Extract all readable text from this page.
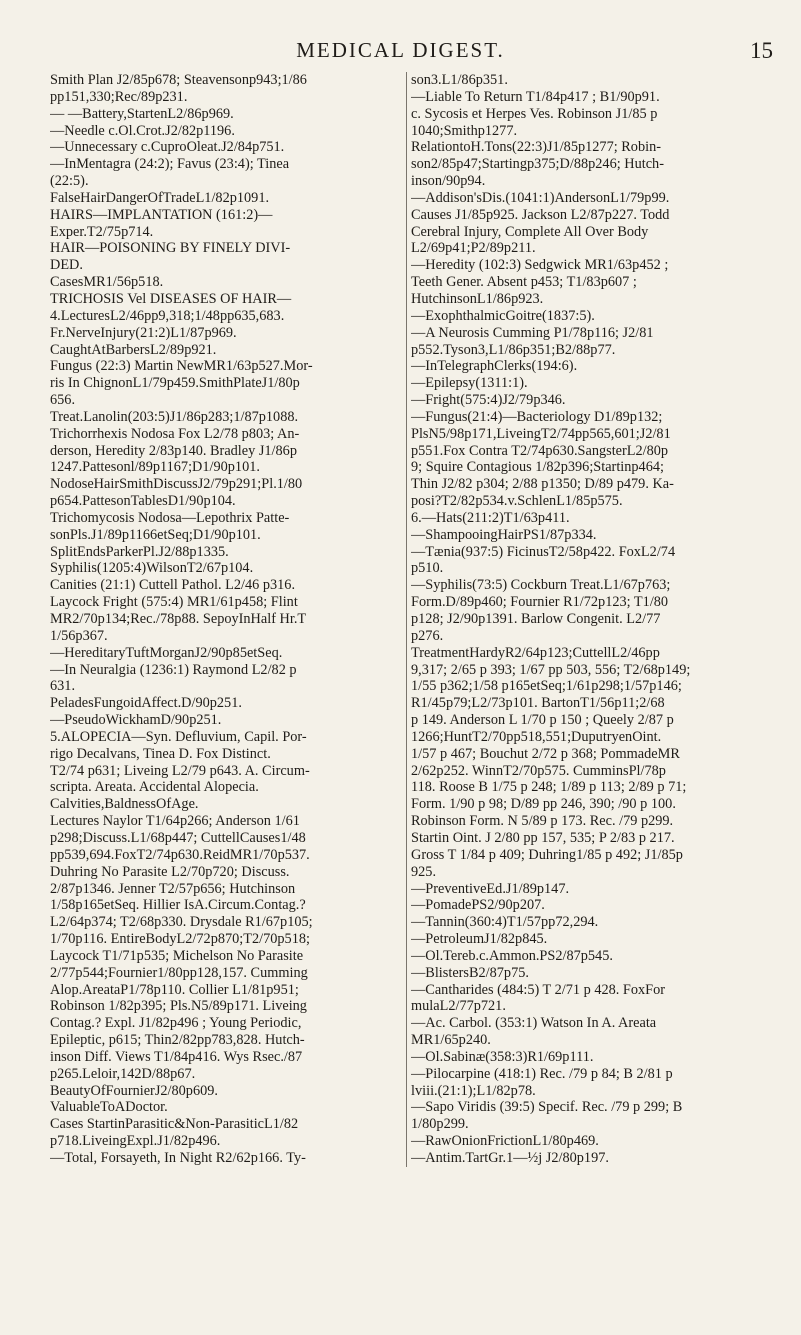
MEDICAL DIGEST.	15
Smith Plan J2/85p678; Steavensonp943;1/86
pp151,330;Rec/89p231.
— —Battery,StartenL2/86p969.
—Needle c.Ol.Crot.J2/82p1196.
—Unnecessary c.CuproOleat.J2/84p751.
—InMentagra (24:2); Favus (23:4); Tinea
(22:5).
FalseHairDangerOfTradeL1/82p1091.
HAIRS—IMPLANTATION (161:2)—
Exper.T2/75p714.
HAIR—POISONING BY FINELY DIVI-
DED.
CasesMR1/56p518.
TRICHOSIS Vel DISEASES OF HAIR—
4.LecturesL2/46pp9,318;1/48pp635,683.
Fr.NerveInjury(21:2)L1/87p969.
CaughtAtBarbersL2/89p921.
Fungus (22:3) Martin NewMR1/63p527.Mor-
ris In ChignonL1/79p459.SmithPlateJ1/80p
656.
Treat.Lanolin(203:5)J1/86p283;1/87p1088.
Trichorrhexis Nodosa Fox L2/78 p803; An-
derson, Heredity 2/83p140. Bradley J1/86p
1247.Pattesonl/89p1167;D1/90p101.
NodoseHairSmithDiscussJ2/79p291;Pl.1/80
p654.PattesonTablesD1/90p104.
Trichomycosis Nodosa—Lepothrix Patte-
sonPls.J1/89p1166etSeq;D1/90p101.
SplitEndsParkerPl.J2/88p1335.
Syphilis(1205:4)WilsonT2/67p104.
Canities (21:1) Cuttell Pathol. L2/46 p316.
Laycock Fright (575:4) MR1/61p458; Flint
MR2/70p134;Rec./78p88. SepoyInHalf Hr.T
1/56p367.
—HereditaryTuftMorganJ2/90p85etSeq.
—In Neuralgia (1236:1) Raymond L2/82 p
631.
PeladesFungoidAffect.D/90p251.
—PseudoWickhamD/90p251.
5.ALOPECIA—Syn. Defluvium, Capil. Por-
rigo Decalvans, Tinea D. Fox Distinct.
T2/74 p631; Liveing L2/79 p643. A. Circum-
scripta. Areata. Accidental Alopecia.
Calvities,BaldnessOfAge.
Lectures Naylor T1/64p266; Anderson 1/61
p298;Discuss.L1/68p447; CuttellCauses1/48
pp539,694.FoxT2/74p630.ReidMR1/70p537.
Duhring No Parasite L2/70p720; Discuss.
2/87p1346. Jenner T2/57p656; Hutchinson
1/58p165etSeq. Hillier IsA.Circum.Contag.?
L2/64p374; T2/68p330. Drysdale R1/67p105;
1/70p116. EntireBodyL2/72p870;T2/70p518;
Laycock T1/71p535; Michelson No Parasite
2/77p544;Fournier1/80pp128,157. Cumming
Alop.AreataP1/78p110. Collier L1/81p951;
Robinson 1/82p395; Pls.N5/89p171. Liveing
Contag.? Expl. J1/82p496 ; Young Periodic,
Epileptic, p615; Thin2/82pp783,828. Hutch-
inson Diff. Views T1/84p416. Wys Rsec./87
p265.Leloir,142D/88p67.
BeautyOfFournierJ2/80p609.
ValuableToADoctor.
Cases StartinParasitic&Non-ParasiticL1/82
p718.LiveingExpl.J1/82p496.
—Total, Forsayeth, In Night R2/62p166. Ty-
son3.L1/86p351.
—Liable To Return T1/84p417 ; B1/90p91.
c. Sycosis et Herpes Ves. Robinson J1/85 p
1040;Smithp1277.
RelationtoH.Tons(22:3)J1/85p1277; Robin-
son2/85p47;Startingp375;D/88p246; Hutch-
inson/90p94.
—Addison'sDis.(1041:1)AndersonL1/79p99.
Causes J1/85p925. Jackson L2/87p227. Todd
Cerebral Injury, Complete All Over Body
L2/69p41;P2/89p211.
—Heredity (102:3) Sedgwick MR1/63p452 ;
Teeth Gener. Absent p453; T1/83p607 ;
HutchinsonL1/86p923.
—ExophthalmicGoitre(1837:5).
—A Neurosis Cumming P1/78p116; J2/81
p552.Tyson3,L1/86p351;B2/88p77.
—InTelegraphClerks(194:6).
—Epilepsy(1311:1).
—Fright(575:4)J2/79p346.
—Fungus(21:4)—Bacteriology D1/89p132;
PlsN5/98p171,LiveingT2/74pp565,601;J2/81
p551.Fox Contra T2/74p630.SangsterL2/80p
9; Squire Contagious 1/82p396;Startinp464;
Thin J2/82 p304; 2/88 p1350; D/89 p479. Ka-
posi?T2/82p534.v.SchlenL1/85p575.
6.—Hats(211:2)T1/63p411.
—ShampooingHairPS1/87p334.
—Tænia(937:5) FicinusT2/58p422. FoxL2/74
p510.
—Syphilis(73:5) Cockburn Treat.L1/67p763;
Form.D/89p460; Fournier R1/72p123; T1/80
p128; J2/90p1391. Barlow Congenit. L2/77
p276.
TreatmentHardyR2/64p123;CuttellL2/46pp
9,317; 2/65 p 393; 1/67 pp 503, 556; T2/68p149;
1/55 p362;1/58 p165etSeq;1/61p298;1/57p146;
R1/45p79;L2/73p101. BartonT1/56p11;2/68
p 149. Anderson L 1/70 p 150 ; Queely 2/87 p
1266;HuntT2/70pp518,551;DuputryenOint.
1/57 p 467; Bouchut 2/72 p 368; PommadeMR
2/62p252. WinnT2/70p575. CumminsPl/78p
118. Roose B 1/75 p 248; 1/89 p 113; 2/89 p 71;
Form. 1/90 p 98; D/89 pp 246, 390; /90 p 100.
Robinson Form. N 5/89 p 173. Rec. /79 p299.
Startin Oint. J 2/80 pp 157, 535; P 2/83 p 217.
Gross T 1/84 p 409; Duhring1/85 p 492; J1/85p
925.
—PreventiveEd.J1/89p147.
—PomadePS2/90p207.
—Tannin(360:4)T1/57pp72,294.
—PetroleumJ1/82p845.
—Ol.Tereb.c.Ammon.PS2/87p545.
—BlistersB2/87p75.
—Cantharides (484:5) T 2/71 p 428. FoxFor
mulaL2/77p721.
—Ac. Carbol. (353:1) Watson In A. Areata
MR1/65p240.
—Ol.Sabinæ(358:3)R1/69p111.
—Pilocarpine (418:1) Rec. /79 p 84; B 2/81 p
lviii.(21:1);L1/82p78.
—Sapo Viridis (39:5) Specif. Rec. /79 p 299; B
1/80p299.
—RawOnionFrictionL1/80p469.
—Antim.TartGr.1—½j J2/80p197.
